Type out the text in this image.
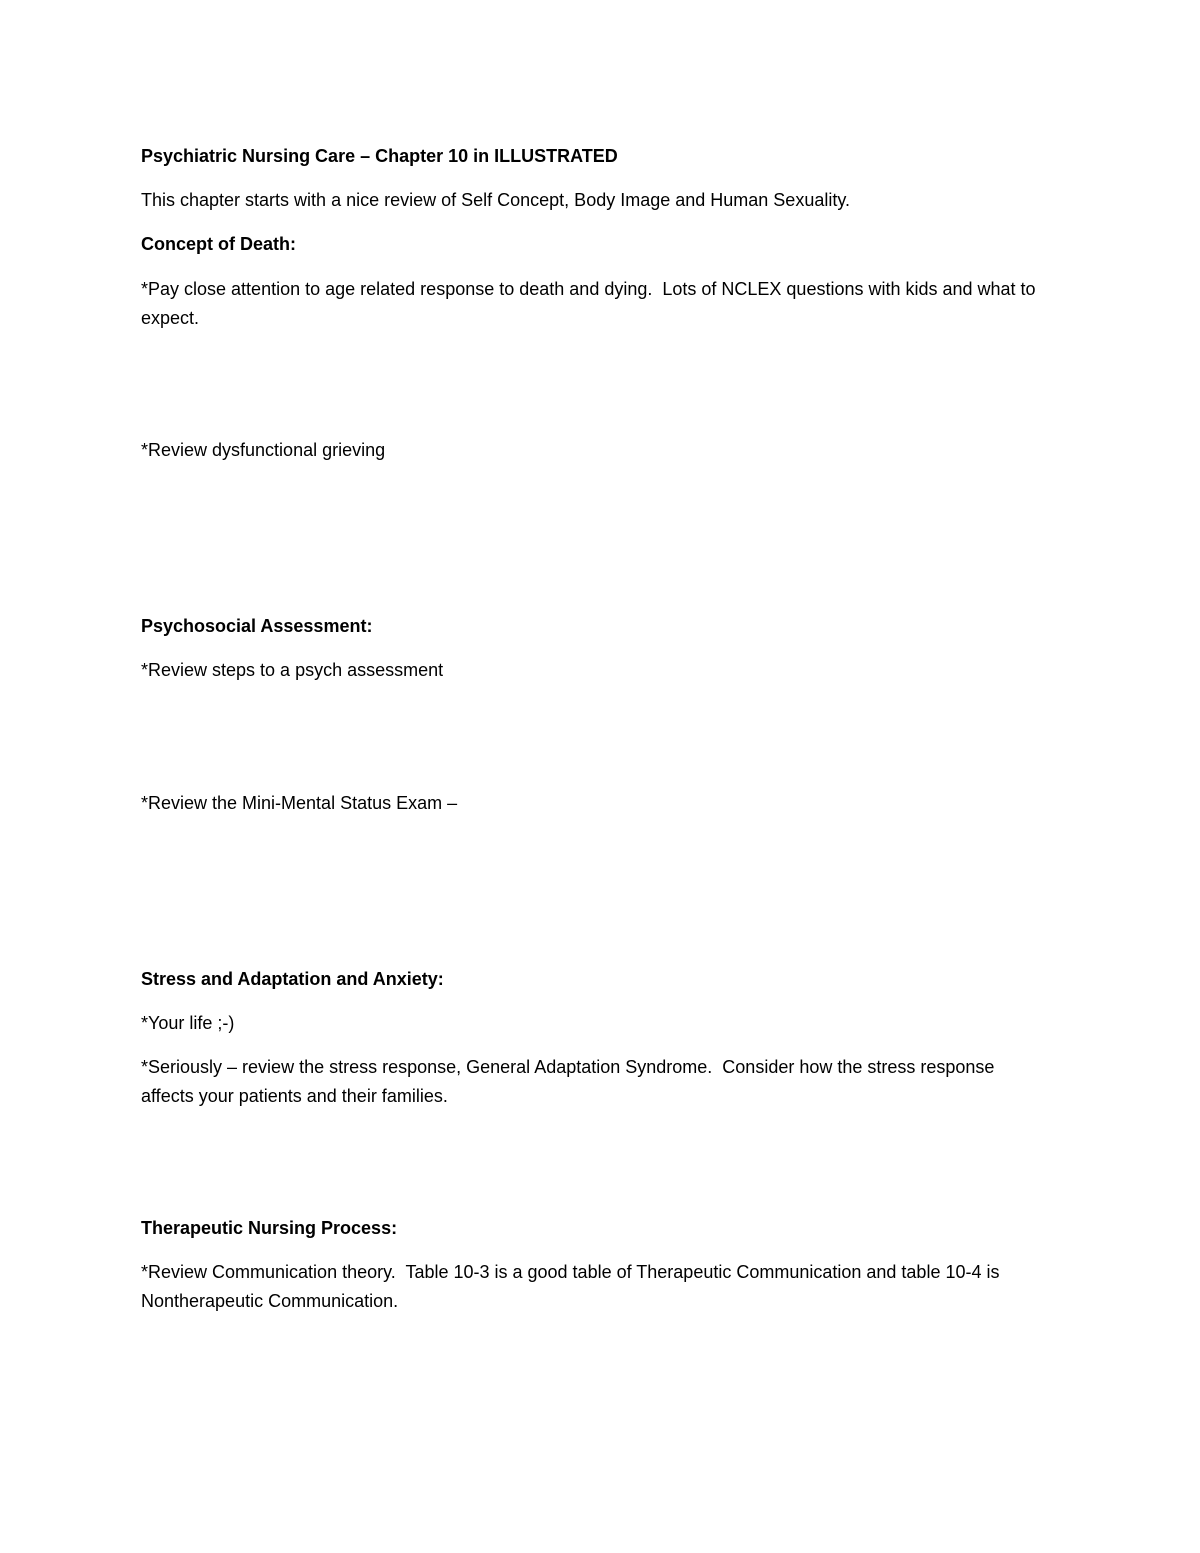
Psychiatric Nursing Care – Chapter 10 in ILLUSTRATED

This chapter starts with a nice review of Self Concept, Body Image and Human Sexuality.

Concept of Death:

*Pay close attention to age related response to death and dying.  Lots of NCLEX questions with kids and what to expect.

*Review dysfunctional grieving

Psychosocial Assessment:

*Review steps to a psych assessment

*Review the Mini-Mental Status Exam –

Stress and Adaptation and Anxiety:

*Your life ;-)

*Seriously – review the stress response, General Adaptation Syndrome.  Consider how the stress response affects your patients and their families.

Therapeutic Nursing Process:

*Review Communication theory.  Table 10-3 is a good table of Therapeutic Communication and table 10-4 is Nontherapeutic Communication.
